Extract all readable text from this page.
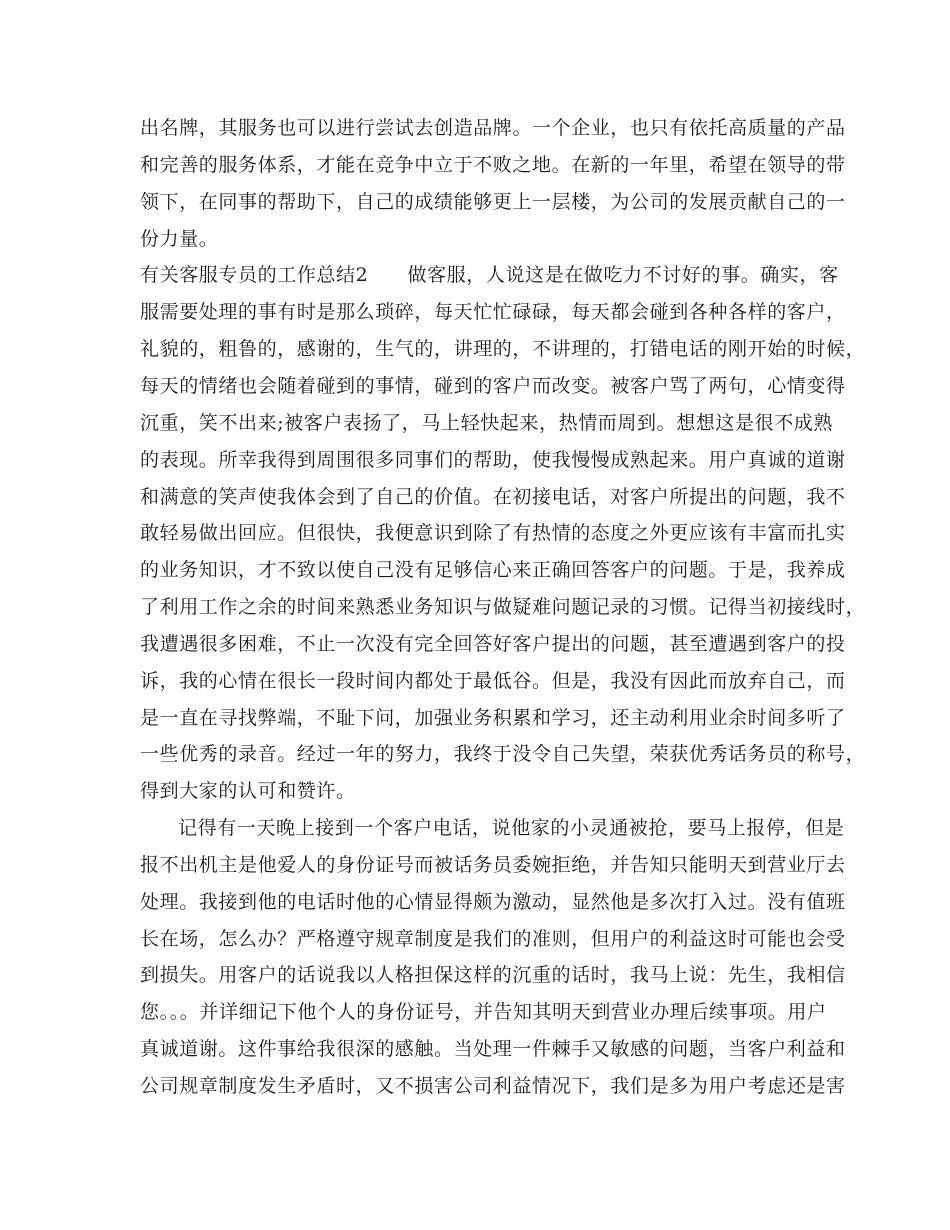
出名牌，其服务也可以进行尝试去创造品牌。一个企业，也只有依托高质量的产品
和完善的服务体系，才能在竞争中立于不败之地。在新的一年里，希望在领导的带
领下，在同事的帮助下，自己的成绩能够更上一层楼，为公司的发展贡献自己的一
份力量。
有关客服专员的工作总结2　　做客服，人说这是在做吃力不讨好的事。确实，客
服需要处理的事有时是那么琐碎，每天忙忙碌碌，每天都会碰到各种各样的客户，
礼貌的，粗鲁的，感谢的，生气的，讲理的，不讲理的，打错电话的刚开始的时候，
每天的情绪也会随着碰到的事情，碰到的客户而改变。被客户骂了两句，心情变得
沉重，笑不出来;被客户表扬了，马上轻快起来，热情而周到。想想这是很不成熟
的表现。所幸我得到周围很多同事们的帮助，使我慢慢成熟起来。用户真诚的道谢
和满意的笑声使我体会到了自己的价值。在初接电话，对客户所提出的问题，我不
敢轻易做出回应。但很快，我便意识到除了有热情的态度之外更应该有丰富而扎实
的业务知识，才不致以使自己没有足够信心来正确回答客户的问题。于是，我养成
了利用工作之余的时间来熟悉业务知识与做疑难问题记录的习惯。记得当初接线时，
我遭遇很多困难，不止一次没有完全回答好客户提出的问题，甚至遭遇到客户的投
诉，我的心情在很长一段时间内都处于最低谷。但是，我没有因此而放弃自己，而
是一直在寻找弊端，不耻下问，加强业务积累和学习，还主动利用业余时间多听了
一些优秀的录音。经过一年的努力，我终于没令自己失望，荣获优秀话务员的称号，
得到大家的认可和赞许。
记得有一天晚上接到一个客户电话，说他家的小灵通被抢，要马上报停，但是
报不出机主是他爱人的身份证号而被话务员委婉拒绝，并告知只能明天到营业厅去
处理。我接到他的电话时他的心情显得颇为激动，显然他是多次打入过。没有值班
长在场，怎么办？严格遵守规章制度是我们的准则，但用户的利益这时可能也会受
到损失。用客户的话说我以人格担保这样的沉重的话时，我马上说：先生，我相信
您。。。并详细记下他个人的身份证号，并告知其明天到营业办理后续事项。用户
真诚道谢。这件事给我很深的感触。当处理一件棘手又敏感的问题，当客户利益和
公司规章制度发生矛盾时，又不损害公司利益情况下，我们是多为用户考虑还是害
